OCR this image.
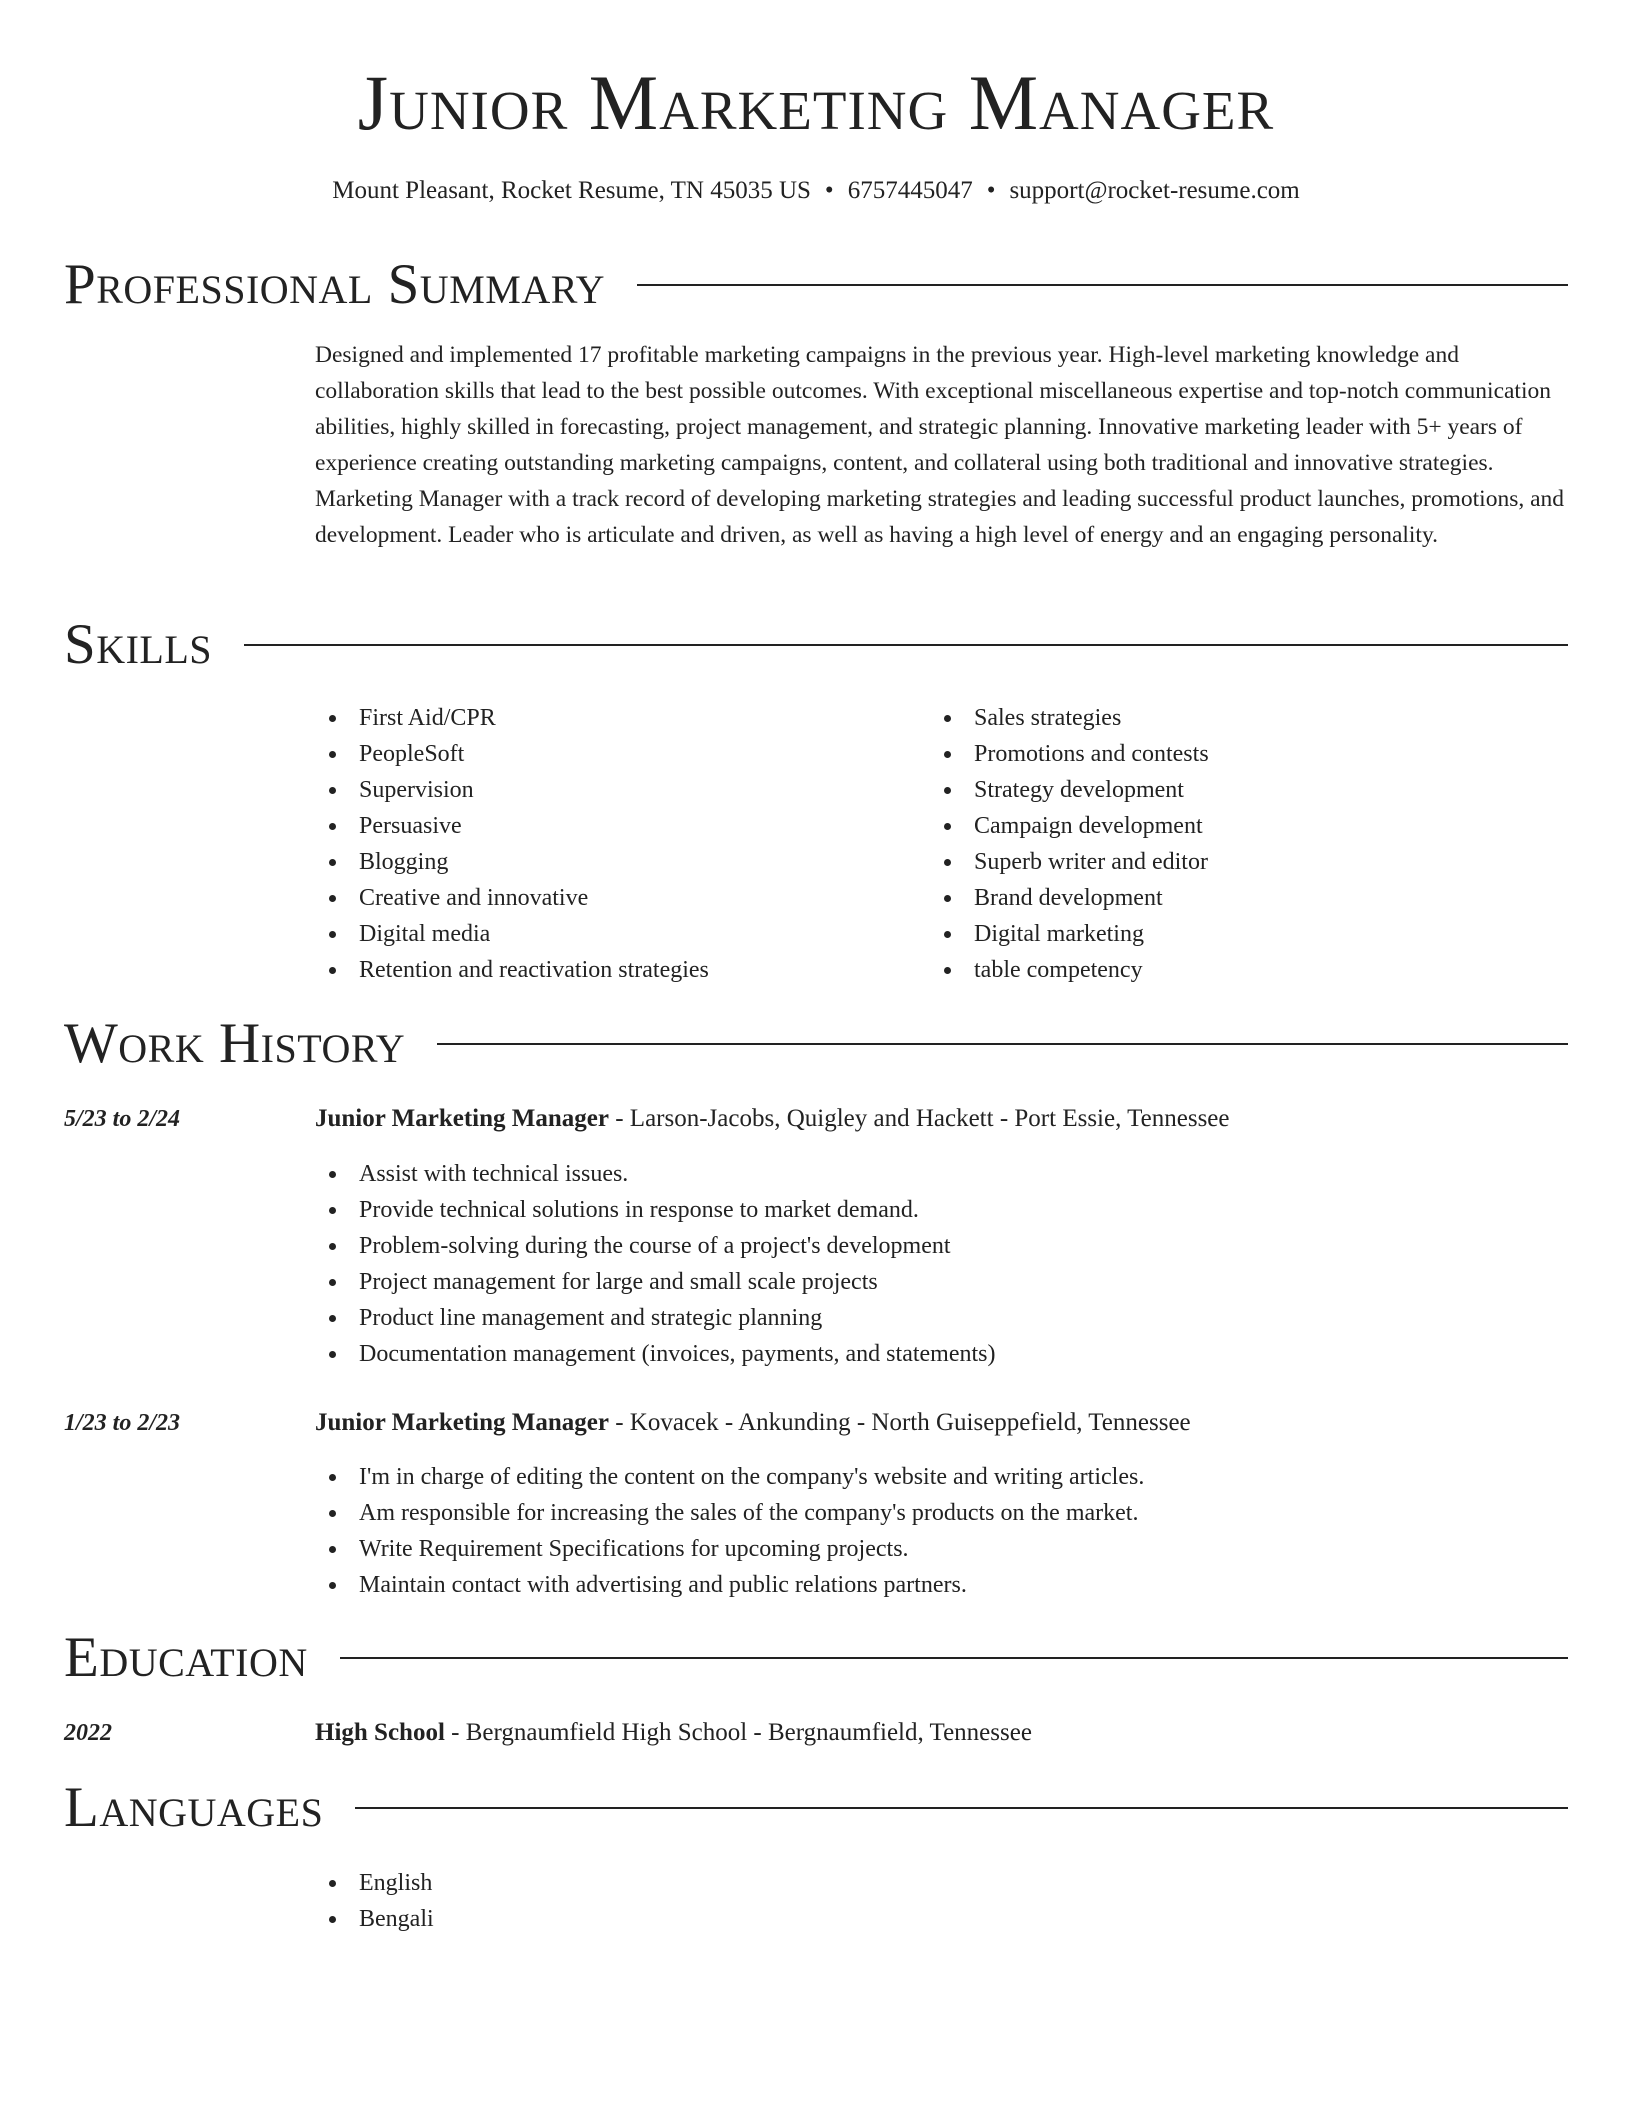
Junior Marketing Manager
Mount Pleasant, Rocket Resume, TN 45035 US • 6757445047 • support@rocket-resume.com
Professional Summary

Designed and implemented 17 profitable marketing campaigns in the previous year. High-level marketing knowledge and collaboration skills that lead to the best possible outcomes. With exceptional miscellaneous expertise and top-notch communication abilities, highly skilled in forecasting, project management, and strategic planning. Innovative marketing leader with 5+ years of experience creating outstanding marketing campaigns, content, and collateral using both traditional and innovative strategies. Marketing Manager with a track record of developing marketing strategies and leading successful product launches, promotions, and development. Leader who is articulate and driven, as well as having a high level of energy and an engaging personality.

Skills
First Aid/CPR
PeopleSoft
Supervision
Persuasive
Blogging
Creative and innovative
Digital media
Retention and reactivation strategies
Sales strategies
Promotions and contests
Strategy development
Campaign development
Superb writer and editor
Brand development
Digital marketing
table competency
Work History
5/23 to 2/24	Junior Marketing Manager - Larson-Jacobs, Quigley and Hackett - Port Essie, Tennessee
Assist with technical issues.
Provide technical solutions in response to market demand.
Problem-solving during the course of a project's development
Project management for large and small scale projects
Product line management and strategic planning
Documentation management (invoices, payments, and statements)
1/23 to 2/23	Junior Marketing Manager - Kovacek - Ankunding - North Guiseppefield, Tennessee
I'm in charge of editing the content on the company's website and writing articles.
Am responsible for increasing the sales of the company's products on the market.
Write Requirement Specifications for upcoming projects.
Maintain contact with advertising and public relations partners.
Education
2022	High School - Bergnaumfield High School - Bergnaumfield, Tennessee
Languages
English
Bengali
